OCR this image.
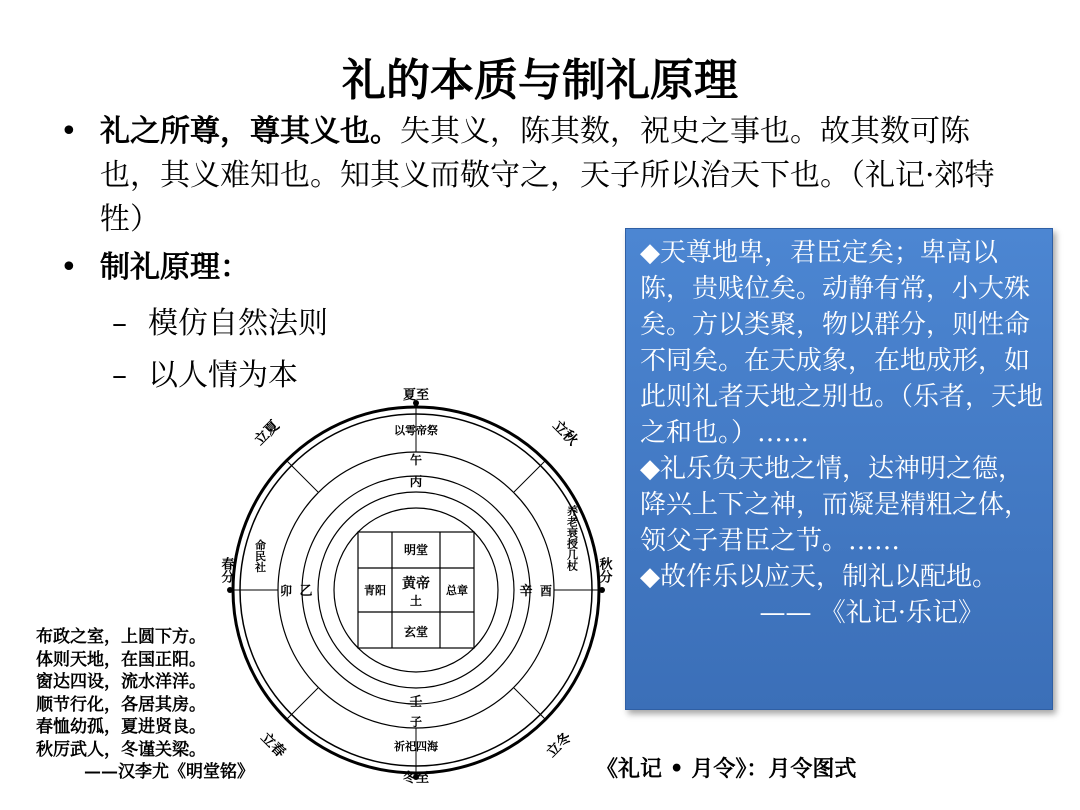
礼的本质与制礼原理
• 礼之所尊，尊其义也。失其义，陈其数，祝史之事也。故其数可陈也，其义难知也。知其义而敬守之，天子所以治天下也。（礼记·郊特牲）
• 制礼原理：
– 模仿自然法则
– 以人情为本

◆天尊地卑，君臣定矣；卑高以陈，贵贱位矣。动静有常，小大殊矣。方以类聚，物以群分，则性命不同矣。在天成象，在地成形，如此则礼者天地之别也。（乐者，天地之和也。）……

◆礼乐负天地之情，达神明之德，降兴上下之神，而凝是精粗之体，领父子君臣之节。……

◆故作乐以应天，制礼以配地。

—— 《礼记·乐记》

夏至
冬至
春分	秋分
立夏	立秋
立春	立冬
以雩帝祭
祈祀四海
命民社	养老衰授几杖
丙
壬
乙	辛
午
子
卯	酉
明堂
玄堂
青阳	总章
黄帝
土
布政之室，上圆下方。
体则天地，在国正阳。
窗达四设，流水洋洋。
顺节行化，各居其房。
春恤幼孤，夏进贤良。
秋厉武人，冬谨关梁。
——汉李尤《明堂铭》	《礼记 • 月令》：月令图式
